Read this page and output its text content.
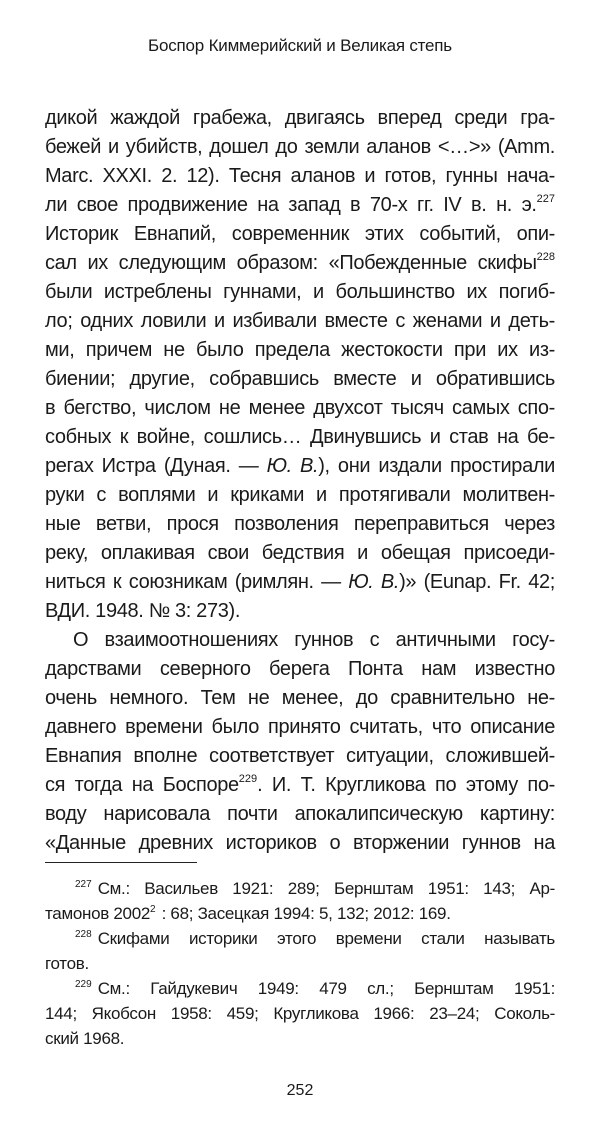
Боспор Киммерийский и Великая степь
дикой жаждой грабежа, двигаясь вперед среди гра-
бежей и убийств, дошел до земли аланов <…>» (Amm.
Marc. XXXI. 2. 12). Тесня аланов и готов, гунны нача-
ли свое продвижение на запад в 70-х гг. IV в. н. э.$^{227}$
Историк Евнапий, современник этих событий, опи-
сал их следующим образом: «Побежденные скифы$^{228}$
были истреблены гуннами, и большинство их погиб-
ло; одних ловили и избивали вместе с женами и деть-
ми, причем не было предела жестокости при их из-
биении; другие, собравшись вместе и обратившись
в бегство, числом не менее двухсот тысяч самых спо-
собных к войне, сошлись… Двинувшись и став на бе-
регах Истра (Дуная. — Ю. В.), они издали простирали
руки с воплями и криками и протягивали молитвен-
ные ветви, прося позволения переправиться через
реку, оплакивая свои бедствия и обещая присоеди-
ниться к союзникам (римлян. — Ю. В.)» (Eunap. Fr. 42;
ВДИ. 1948. № 3: 273).
О взаимоотношениях гуннов с античными госу-
дарствами северного берега Понта нам известно
очень немного. Тем не менее, до сравнительно не-
давнего времени было принято считать, что описание
Евнапия вполне соответствует ситуации, сложившей-
ся тогда на Боспоре$^{229}$. И. Т. Кругликова по этому по-
воду нарисовала почти апокалипсическую картину:
«Данные древних историков о вторжении гуннов на
$^{227}$ См.: Васильев 1921: 289; Бернштам 1951: 143; Ар-
тамонов 2002$^2$ : 68; Засецкая 1994: 5, 132; 2012: 169.
$^{228}$ Скифами историки этого времени стали называть
готов.
$^{229}$ См.: Гайдукевич 1949: 479 сл.; Бернштам 1951:
144; Якобсон 1958: 459; Кругликова 1966: 23–24; Соколь-
ский 1968.
252
